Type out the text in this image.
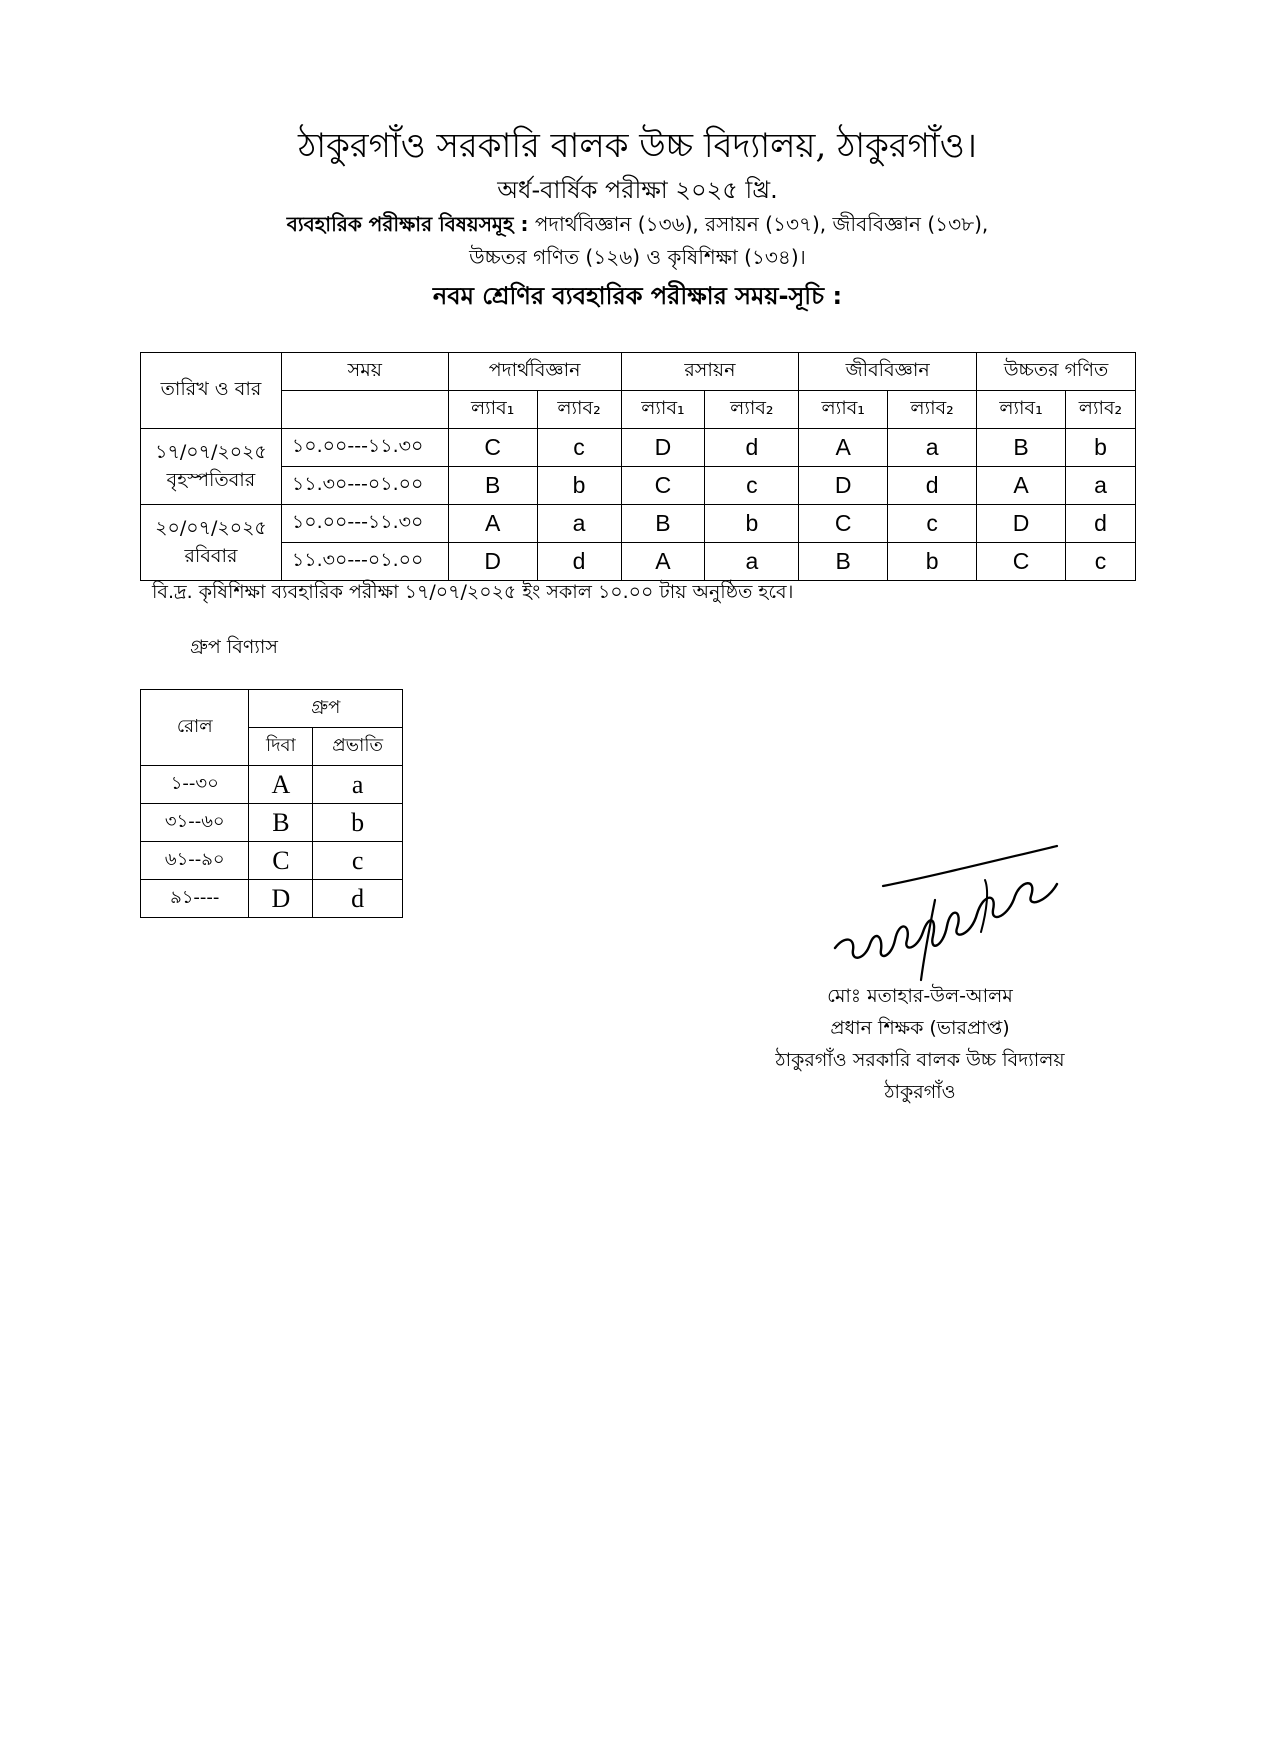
ঠাকুরগাঁও সরকারি বালক উচ্চ বিদ্যালয়, ঠাকুরগাঁও।
অর্ধ-বার্ষিক পরীক্ষা ২০২৫ খ্রি.
ব্যবহারিক পরীক্ষার বিষয়সমূহ : পদার্থবিজ্ঞান (১৩৬), রসায়ন (১৩৭), জীববিজ্ঞান (১৩৮),
উচ্চতর গণিত (১২৬) ও কৃষিশিক্ষা (১৩৪)।
নবম শ্রেণির ব্যবহারিক পরীক্ষার সময়-সূচি :
তারিখ ও বার	সময়	পদার্থবিজ্ঞান		রসায়ন		জীববিজ্ঞান		উচ্চতর গণিত	
		ল্যাব₁	ল্যাব₂	ল্যাব₁	ল্যাব₂	ল্যাব₁	ল্যাব₂	ল্যাব₁	ল্যাব₂

১৭/০৭/২০২৫
বৃহস্পতিবার	১০.০০---১১.৩০	C	c	D	d	A	a	B	b
	১১.৩০---০১.০০	B	b	C	c	D	d	A	a

২০/০৭/২০২৫
রবিবার	১০.০০---১১.৩০	A	a	B	b	C	c	D	d
	১১.৩০---০১.০০	D	d	A	a	B	b	C	c
বি.দ্র. কৃষিশিক্ষা ব্যবহারিক পরীক্ষা ১৭/০৭/২০২৫ ইং সকাল ১০.০০ টায় অনুষ্ঠিত হবে।
গ্রুপ বিণ্যাস
রোল	গ্রুপ	
	দিবা	প্রভাতি
১--৩০	A	a
৩১--৬০	B	b
৬১--৯০	C	c
৯১----	D	d
মোঃ মতাহার-উল-আলম
প্রধান শিক্ষক (ভারপ্রাপ্ত)
ঠাকুরগাঁও সরকারি বালক উচ্চ বিদ্যালয়
ঠাকুরগাঁও
